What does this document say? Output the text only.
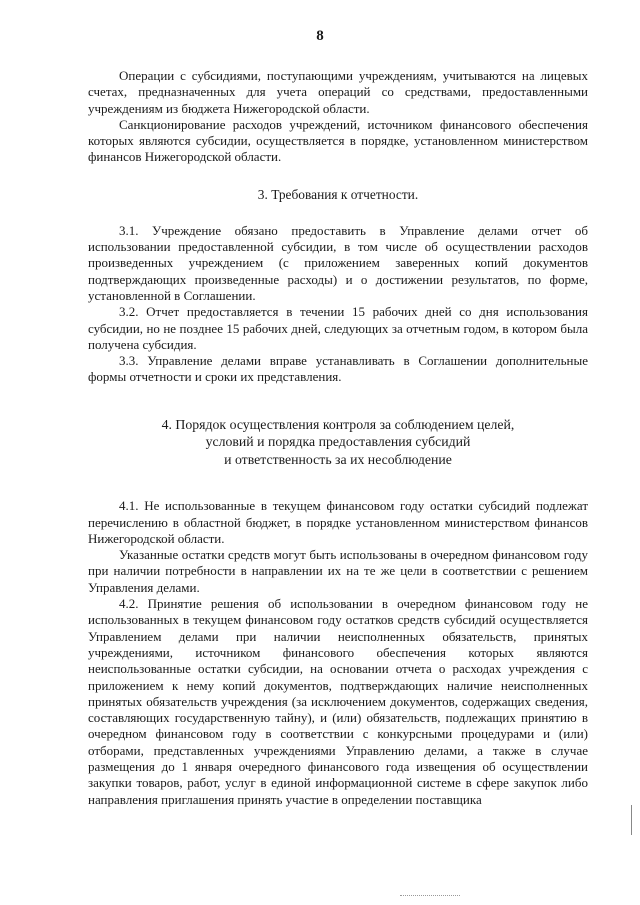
8

Операции с субсидиями, поступающими учреждениям, учитываются на лицевых счетах, предназначенных для учета операций со средствами, предоставленными учреждениям из бюджета Нижегородской области.

Санкционирование расходов учреждений, источником финансового обеспечения которых являются субсидии, осуществляется в порядке, установленном министерством финансов Нижегородской области.

3. Требования к отчетности.

3.1. Учреждение обязано предоставить в Управление делами отчет об использовании предоставленной субсидии, в том числе об осуществлении расходов произведенных учреждением (с приложением заверенных копий документов подтверждающих произведенные расходы) и о достижении результатов, по форме, установленной в Соглашении.

3.2. Отчет предоставляется в течении 15 рабочих дней со дня использования субсидии, но не позднее 15 рабочих дней, следующих за отчетным годом, в котором была получена субсидия.

3.3. Управление делами вправе устанавливать в Соглашении дополнительные формы отчетности и сроки их представления.

4. Порядок осуществления контроля за соблюдением целей,

условий и порядка предоставления субсидий

и ответственность за их несоблюдение

4.1. Не использованные в текущем финансовом году остатки субсидий подлежат перечислению в областной бюджет, в порядке установленном министерством финансов Нижегородской области.

Указанные остатки средств могут быть использованы в очередном финансовом году при наличии потребности в направлении их на те же цели в соответствии с решением Управления делами.

4.2. Принятие решения об использовании в очередном финансовом году не использованных в текущем финансовом году остатков средств субсидий осуществляется Управлением делами при наличии неисполненных обязательств, принятых учреждениями, источником финансового обеспечения которых являются неиспользованные остатки субсидии, на основании отчета о расходах учреждения с приложением к нему копий документов, подтверждающих наличие неисполненных принятых обязательств учреждения (за исключением документов, содержащих сведения, составляющих государственную тайну), и (или) обязательств, подлежащих принятию в очередном финансовом году в соответствии с конкурсными процедурами и (или) отборами, представленных учреждениями Управлению делами, а также в случае размещения до 1 января очередного финансового года извещения об осуществлении закупки товаров, работ, услуг в единой информационной системе в сфере закупок либо направления приглашения принять участие в определении поставщика
